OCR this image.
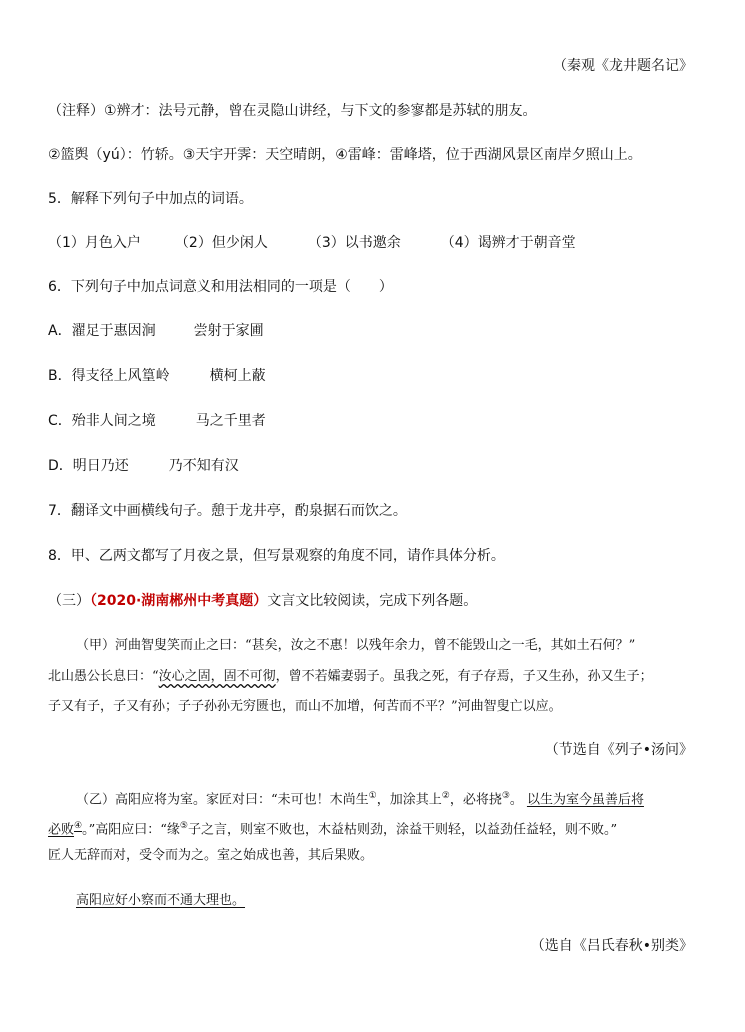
（秦观《龙井题名记》
（注释）①辨才：法号元静，曾在灵隐山讲经，与下文的参寥都是苏轼的朋友。
②篮舆（yú）：竹轿。③天宇开霁：天空晴朗，④雷峰：雷峰塔，位于西湖风景区南岸夕照山上。
5．解释下列句子中加点的词语。
（1）月色入户 （2）但少闲人	（3）以书邀余	（4）谒辨才于朝音堂
6．下列句子中加点词意义和用法相同的一项是（　　）
A．濯足于惠因涧	尝射于家圃
B．得支径上风篁岭	横柯上蔽
C．殆非人间之境	马之千里者
D．明日乃还	乃不知有汉
7．翻译文中画横线句子。憩于龙井亭，酌泉据石而饮之。
8．甲、乙两文都写了月夜之景，但写景观察的角度不同，请作具体分析。
（三）（2020·湖南郴州中考真题）文言文比较阅读，完成下列各题。
（甲）河曲智叟笑而止之曰：“甚矣，汝之不惠！以残年余力，曾不能毁山之一毛，其如土石何？”
北山愚公长息曰：“汝心之固，固不可彻，曾不若孀妻弱子。虽我之死，有子存焉，子又生孙，孙又生子；
子又有子，子又有孙；子子孙孙无穷匮也，而山不加增，何苦而不平？”河曲智叟亡以应。
（节选自《列子•汤问》
（乙）高阳应将为室。家匠对曰：“未可也！木尚生①，加涂其上②，必将挠③。 以生为室今虽善后将
必败④。”高阳应曰：“缘⑤子之言，则室不败也，木益枯则劲，涂益干则轻，以益劲任益轻，则不败。”
匠人无辞而对，受令而为之。室之始成也善，其后果败。
高阳应好小察而不通大理也。
（选自《吕氏春秋•别类》
